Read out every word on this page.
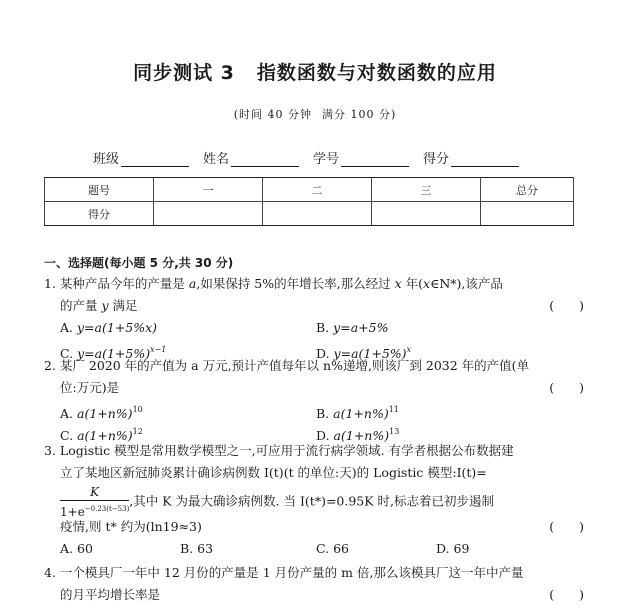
同步测试 3 指数函数与对数函数的应用
(时间 40 分钟 满分 100 分)
班级	姓名	学号	得分
题号	一	二	三	总分
得分				
一、选择题(每小题 5 分,共 30 分)
1. 某种产品今年的产量是 a,如果保持 5%的年增长率,那么经过 x 年(x∈N*),该产品
的产量 y 满足	(　　)
A. y=a(1+5%x)	B. y=a+5%
C. $y=a(1+5\%)^{x-1}$	D. $y=a(1+5\%)^x$
2. 某厂 2020 年的产值为 a 万元,预计产值每年以 n%递增,则该厂到 2032 年的产值(单
位:万元)是	(　　)
A. $a(1+n\%)^{10}$	B. $a(1+n\%)^{11}$
C. $a(1+n\%)^{12}$	D. $a(1+n\%)^{13}$
3. Logistic 模型是常用数学模型之一,可应用于流行病学领域. 有学者根据公布数据建
立了某地区新冠肺炎累计确诊病例数 I(t)(t 的单位:天)的 Logistic 模型:I(t)=
$\frac{K}{1+e^{-0.23(t-53)}}$ ,其中 K 为最大确诊病例数. 当 I(t*)=0.95K 时,标志着已初步遏制
疫情,则 t* 约为(ln19≈3)	(　　)
A. 60	B. 63	C. 66	D. 69
4. 一个模具厂一年中 12 月份的产量是 1 月份产量的 m 倍,那么该模具厂这一年中产量
的月平均增长率是	(　　)
